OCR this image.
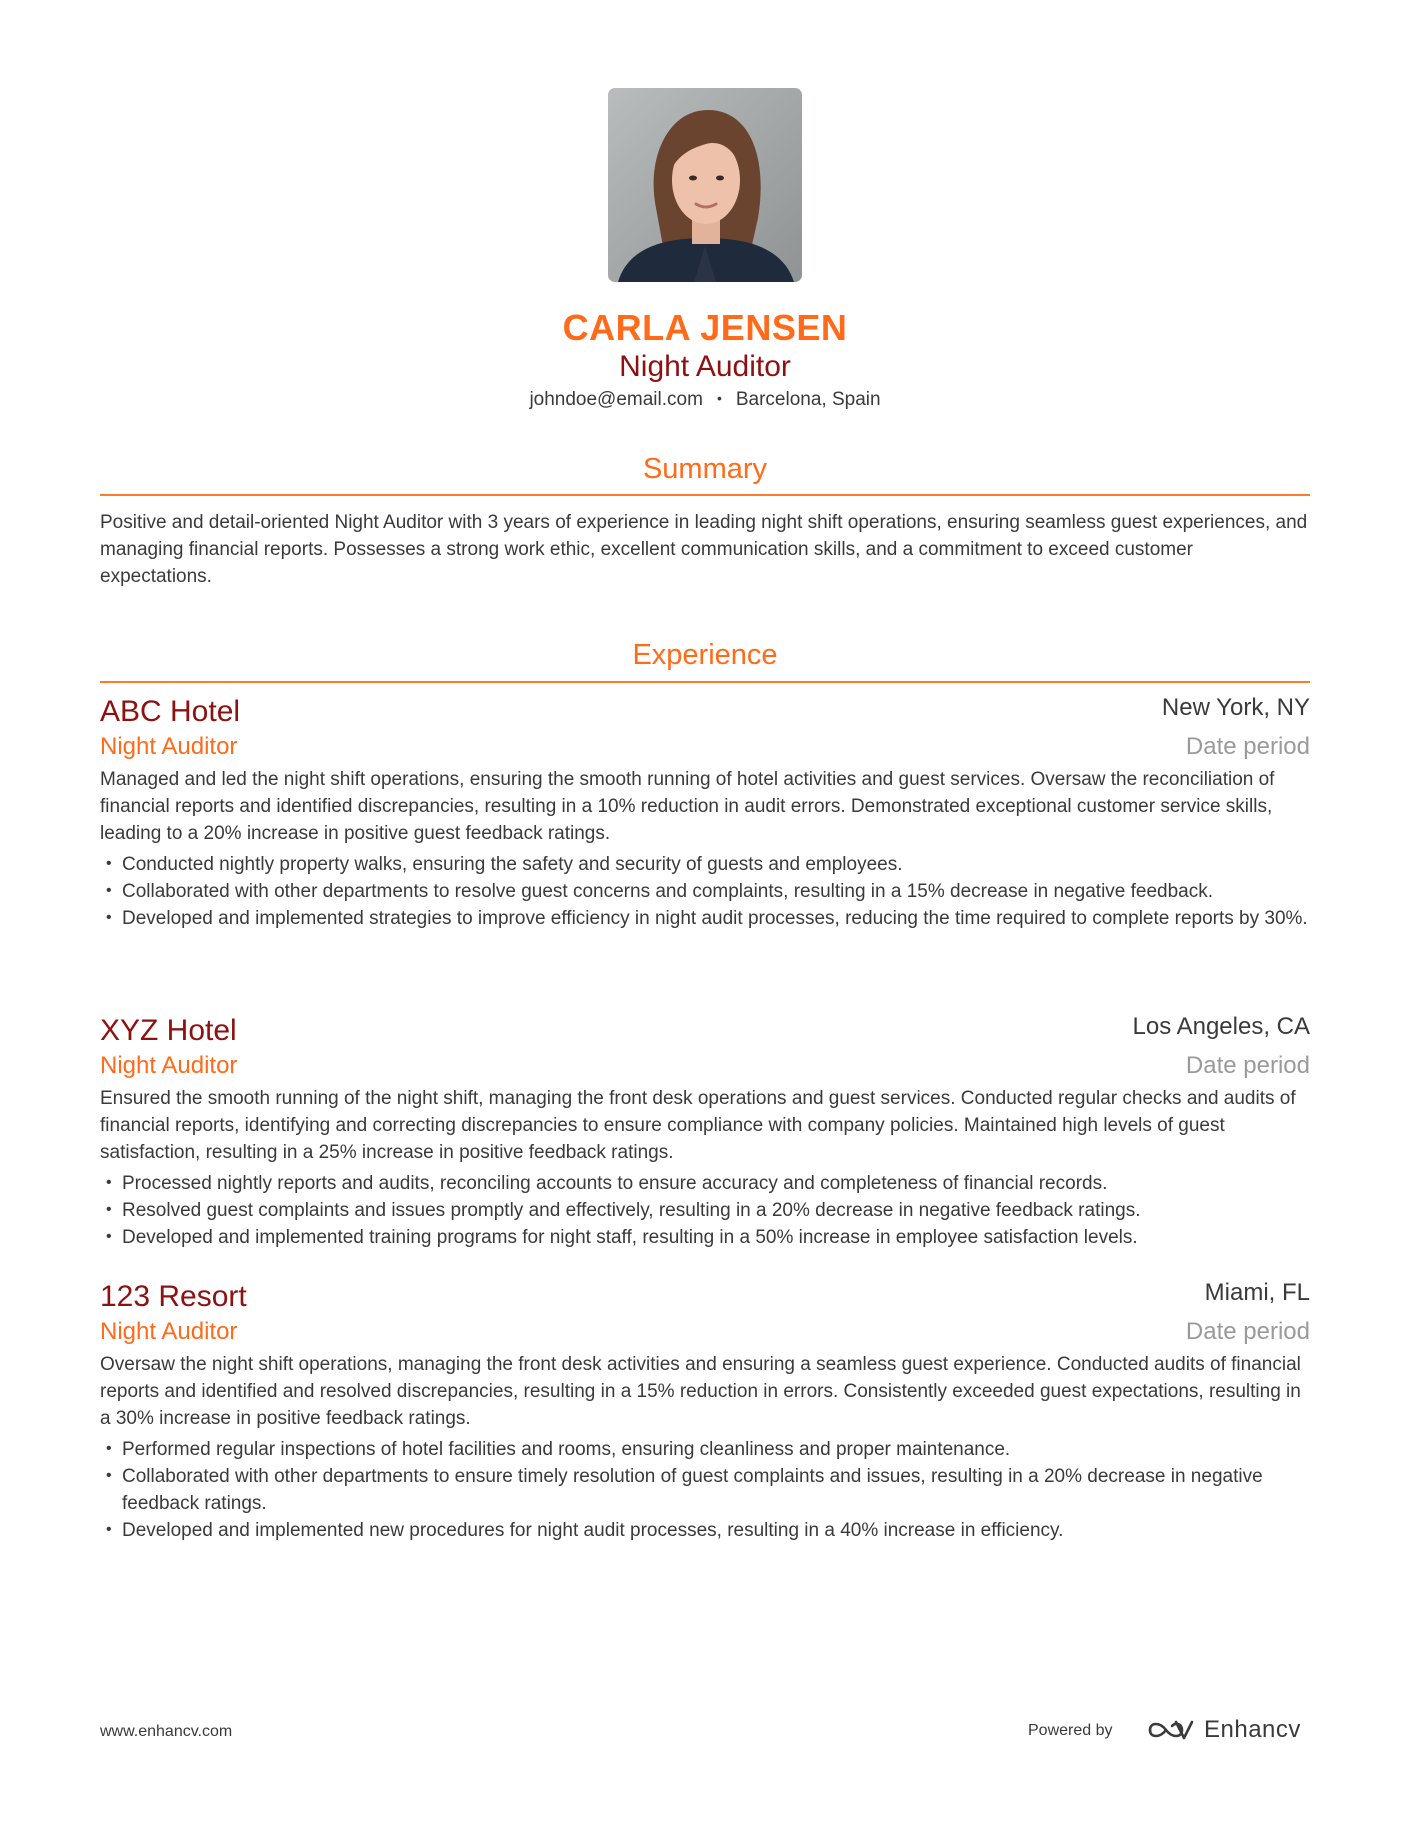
CARLA JENSEN
Night Auditor
johndoe@email.com • Barcelona, Spain
Summary
Positive and detail-oriented Night Auditor with 3 years of experience in leading night shift operations, ensuring seamless guest experiences, and managing financial reports. Possesses a strong work ethic, excellent communication skills, and a commitment to exceed customer expectations.
Experience
ABC Hotel	New York, NY
Night Auditor	Date period
Managed and led the night shift operations, ensuring the smooth running of hotel activities and guest services. Oversaw the reconciliation of financial reports and identified discrepancies, resulting in a 10% reduction in audit errors. Demonstrated exceptional customer service skills, leading to a 20% increase in positive guest feedback ratings.
• Conducted nightly property walks, ensuring the safety and security of guests and employees.
• Collaborated with other departments to resolve guest concerns and complaints, resulting in a 15% decrease in negative feedback.
• Developed and implemented strategies to improve efficiency in night audit processes, reducing the time required to complete reports by 30%.
XYZ Hotel	Los Angeles, CA
Night Auditor	Date period
Ensured the smooth running of the night shift, managing the front desk operations and guest services. Conducted regular checks and audits of financial reports, identifying and correcting discrepancies to ensure compliance with company policies. Maintained high levels of guest satisfaction, resulting in a 25% increase in positive feedback ratings.
• Processed nightly reports and audits, reconciling accounts to ensure accuracy and completeness of financial records.
• Resolved guest complaints and issues promptly and effectively, resulting in a 20% decrease in negative feedback ratings.
• Developed and implemented training programs for night staff, resulting in a 50% increase in employee satisfaction levels.
123 Resort	Miami, FL
Night Auditor	Date period
Oversaw the night shift operations, managing the front desk activities and ensuring a seamless guest experience. Conducted audits of financial reports and identified and resolved discrepancies, resulting in a 15% reduction in errors. Consistently exceeded guest expectations, resulting in a 30% increase in positive feedback ratings.
• Performed regular inspections of hotel facilities and rooms, ensuring cleanliness and proper maintenance.
• Collaborated with other departments to ensure timely resolution of guest complaints and issues, resulting in a 20% decrease in negative feedback ratings.
• Developed and implemented new procedures for night audit processes, resulting in a 40% increase in efficiency.
www.enhancv.com	Powered by	Enhancv
